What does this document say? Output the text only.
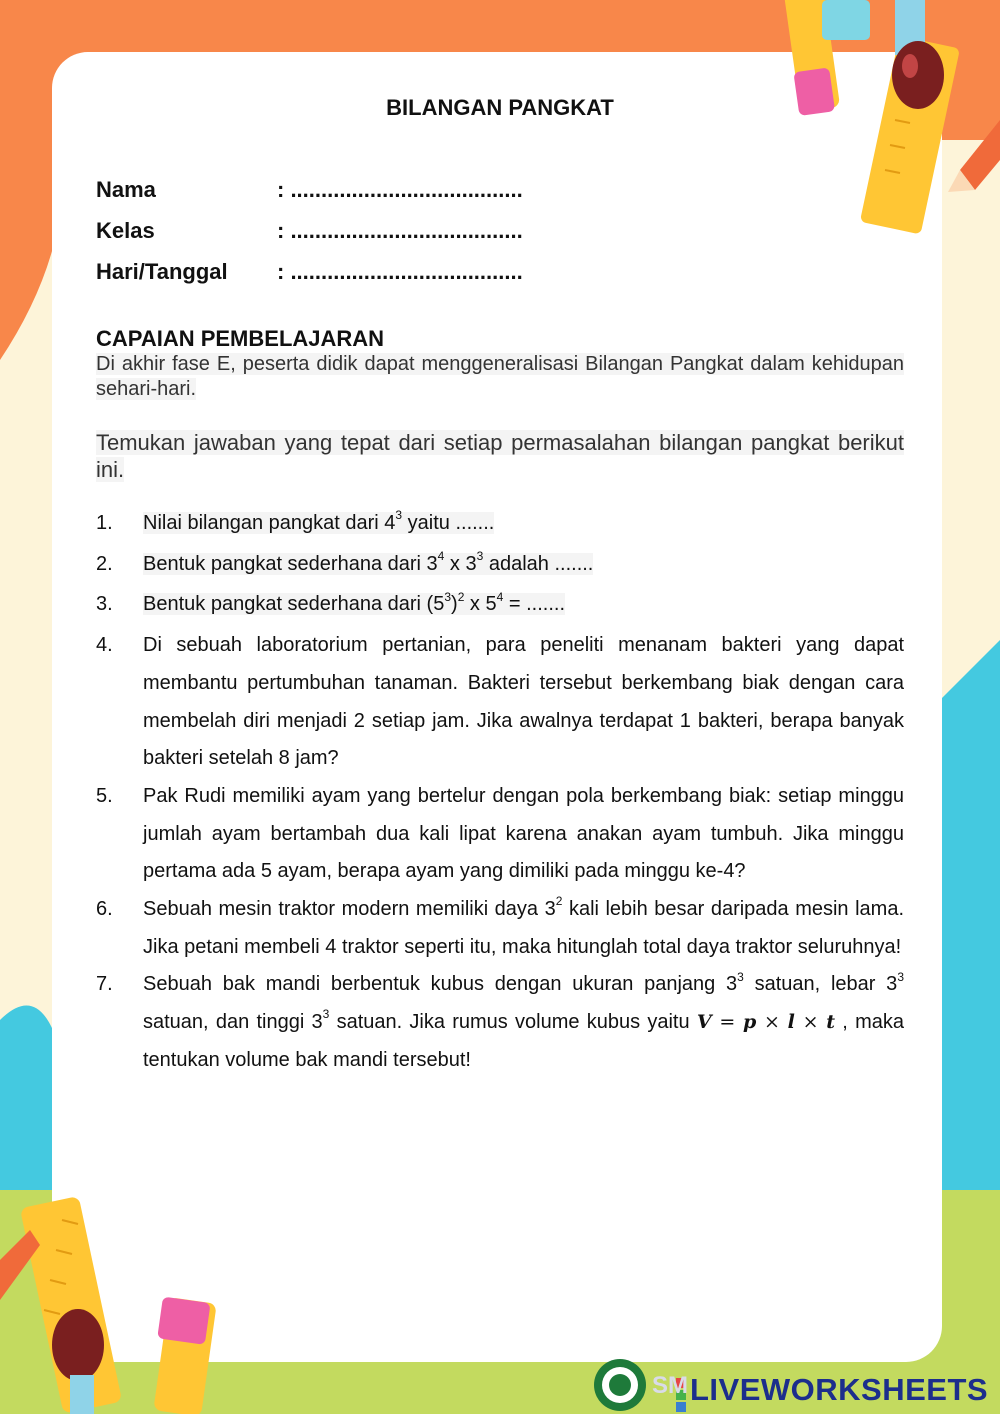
BILANGAN PANGKAT
Nama	: ......................................
Kelas	: ......................................
Hari/Tanggal : ......................................
CAPAIAN PEMBELAJARAN
Di akhir fase E, peserta didik dapat menggeneralisasi Bilangan Pangkat dalam kehidupan sehari-hari.
Temukan jawaban yang tepat dari setiap permasalahan bilangan pangkat berikut ini.
1. Nilai bilangan pangkat dari $4^3$ yaitu .......
2. Bentuk pangkat sederhana dari $3^4$ x $3^3$ adalah .......
3. Bentuk pangkat sederhana dari $(5^3)^2$ x $5^4$ = .......
4. Di sebuah laboratorium pertanian, para peneliti menanam bakteri yang dapat membantu pertumbuhan tanaman. Bakteri tersebut berkembang biak dengan cara membelah diri menjadi 2 setiap jam. Jika awalnya terdapat 1 bakteri, berapa banyak bakteri setelah 8 jam?
5. Pak Rudi memiliki ayam yang bertelur dengan pola berkembang biak: setiap minggu jumlah ayam bertambah dua kali lipat karena anakan ayam tumbuh. Jika minggu pertama ada 5 ayam, berapa ayam yang dimiliki pada minggu ke-4?
6. Sebuah mesin traktor modern memiliki daya $3^2$ kali lebih besar daripada mesin lama. Jika petani membeli 4 traktor seperti itu, maka hitunglah total daya traktor seluruhnya!
7. Sebuah bak mandi berbentuk kubus dengan ukuran panjang $3^3$ satuan, lebar $3^3$ satuan, dan tinggi $3^3$ satuan. Jika rumus volume kubus yaitu V = p × l × t , maka tentukan volume bak mandi tersebut!
SM LIVEWORKSHEETS
